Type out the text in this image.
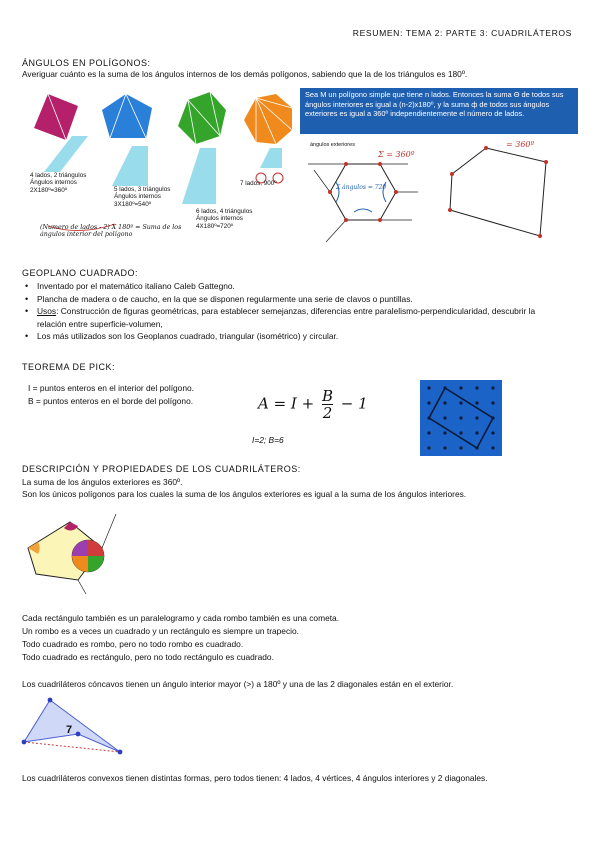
RESUMEN: TEMA 2: PARTE 3: CUADRILÁTEROS
ÁNGULOS EN POLÍGONOS:
Averiguar cuánto es la suma de los ángulos internos de los demás polígonos, sabiendo que la de los triángulos es 180º.
4 lados, 2 triángulos
Ángulos internos
2X180º=360º	5 lados, 3 triángulos
Ángulos internos
3X180º=540º
6 lados, 4 triángulos
Ángulos internos
4X180º=720º
7 lados, 900º
(Numero de lados - 2) X 180º = Suma de los ángulos interior del polígono
Sea M un polígono simple que tiene n lados. Entonces la suma Θ de todos sus ángulos interiores es igual a (n-2)x180º, y la suma ф de todos sus ángulos exteriores es igual a 360º independientemente el número de lados.
ángulos exteriores
Σ ángulos = 720
Σ = 360º
= 360º
GEOPLANO CUADRADO:
• Inventado por el matemático italiano Caleb Gattegno.
• Plancha de madera o de caucho, en la que se disponen regularmente una serie de clavos o puntillas.
• Usos: Construcción de figuras geométricas, para establecer semejanzas, diferencias entre paralelismo-perpendicularidad, descubrir la relación entre superficie-volumen,
• Los más utilizados son los Geoplanos cuadrado, triangular (isométrico) y circular.
TEOREMA DE PICK:
I = puntos enteros en el interior del polígono.
B = puntos enteros en el borde del polígono.	$A = I + \frac{B}{2} - 1$
I=2; B=6
DESCRIPCIÓN Y PROPIEDADES DE LOS CUADRILÁTEROS:
La suma de los ángulos exteriores es 360º.
Son los únicos polígonos para los cuales la suma de los ángulos exteriores es igual a la suma de los ángulos interiores.
Cada rectángulo también es un paralelogramo y cada rombo también es una cometa.
Un rombo es a veces un cuadrado y un rectángulo es siempre un trapecio.
Todo cuadrado es rombo, pero no todo rombo es cuadrado.
Todo cuadrado es rectángulo, pero no todo rectángulo es cuadrado.
Los cuadriláteros cóncavos tienen un ángulo interior mayor (>) a 180º y una de las 2 diagonales están en el exterior.
7
Los cuadriláteros convexos tienen distintas formas, pero todos tienen: 4 lados, 4 vértices, 4 ángulos interiores y 2 diagonales.
